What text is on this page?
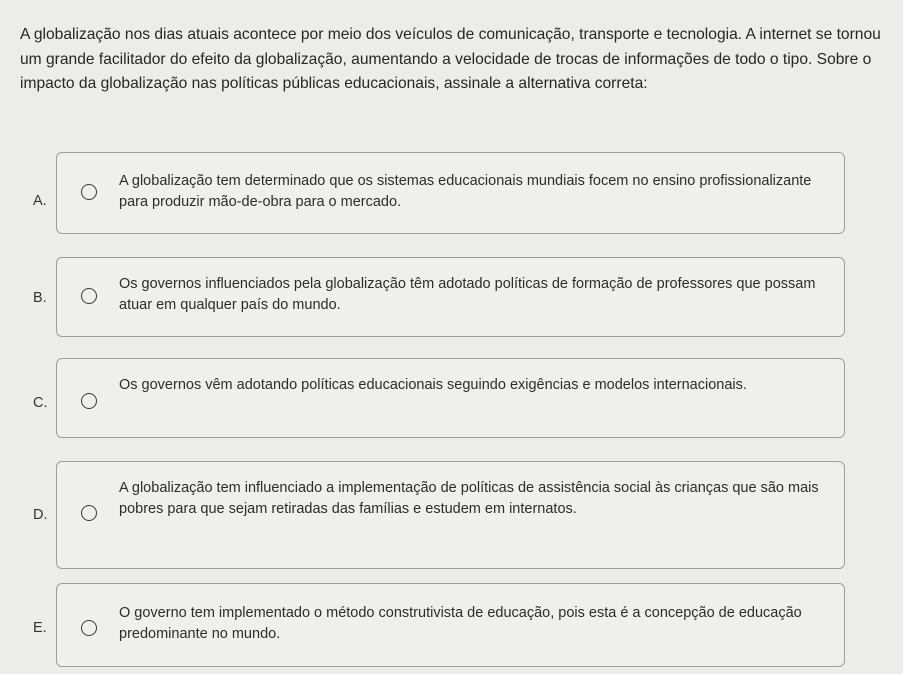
A globalização nos dias atuais acontece por meio dos veículos de comunicação, transporte e tecnologia. A internet se tornou um grande facilitador do efeito da globalização, aumentando a velocidade de trocas de informações de todo o tipo. Sobre o impacto da globalização nas políticas públicas educacionais, assinale a alternativa correta:
A.
A globalização tem determinado que os sistemas educacionais mundiais focem no ensino profissionalizante para produzir mão-de-obra para o mercado.
B.
Os governos influenciados pela globalização têm adotado políticas de formação de professores que possam atuar em qualquer país do mundo.
C.
Os governos vêm adotando políticas educacionais seguindo exigências e modelos internacionais.
D.
A globalização tem influenciado a implementação de políticas de assistência social às crianças que são mais pobres para que sejam retiradas das famílias e estudem em internatos.
E.
O governo tem implementado o método construtivista de educação, pois esta é a concepção de educação predominante no mundo.
